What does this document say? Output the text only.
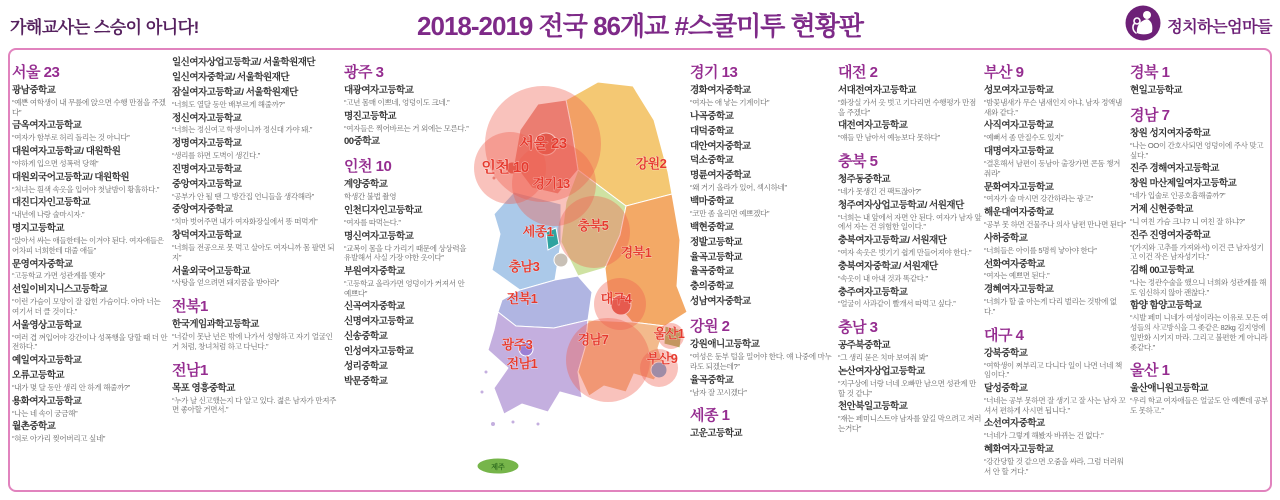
가해교사는 스승이 아니다!	2018-2019 전국 86개교 #스쿨미투 현황판	정치하는엄마들
서울 23
인천 10
경기13
강원2
세종1 충북5
경북1
충남3
전북1	대구4
광주3	경남7
전남1
울산1
부산9
제주
서울 23
광남중학교
“예쁜 여학생이 내 무릎에 앉으면 수행 만점을 주겠다”
금옥여자고등학교
“여자가 함부로 허리 돌리는 것 아니다”
대원여자고등학교/ 대원학원
“야하게 입으면 성폭력 당해”
대원외국어고등학교/ 대원학원
“처녀는 흰색 속옷을 입어야 첫날밤이 황홀하다.”
대진디자인고등학교
“내년에 나랑 술마시자.”
명지고등학교
“앉아서 싸는 애들한테는 이겨야 된다. 여자애들은 어차피 너희한테 대줄 애들”
문영여자중학교
“고등학교 가면 성관계를 맺자”
선일이비지니스고등학교
“이런 가슴이 모양이 잘 잡힌 가슴이다. 아마 너는 여기서 더 클 것이다.”
서울영상고등학교
“여러 겹 껴입어야 강간이나 성폭행을 당할 때 더 안전하다.”
예일여자고등학교
오류고등학교
“내가 몇 달 동안 생리 안 하게 해줄까?”
용화여자고등학교
“나는 네 속이 궁금해”
월촌중학교
“혀로 아가리 찢어버리고 싶네”
일신여자상업고등학교/ 서울학원재단
일신여자중학교/ 서울학원재단
잠실여자고등학교/ 서울학원재단
“너희도 열달 동안 배부르게 해줄까?”
정신여자고등학교
“너희는 정신여고 학생이니까 정신대 가야 돼.”
정명여자고등학교
“생리를 하면 도벽이 생긴다.”
진명여자고등학교
중앙여자고등학교
“공부가 안 될 땐 그 방간집 언니들을 생각해라”
중앙여자중학교
“치마 벗어주면 내가 여자화장실에서 똥 떠먹게”
창덕여자고등학교
“너희들 전공으로 못 먹고 살아도 여자니까 몸 팔면 되지”
서울외국어고등학교
“사탕을 얻으려면 돼지꿈을 받아라”
전북1
한국게임과학고등학교
“너같이 못난 년은 밖에 나가서 성형하고 자기 얼굴인 거 처럼, 창녀처럼 하고 다닌다.”
전남1
목포 영흥중학교
“누가 날 신고했는지 다 알고 있다. 젊은 남자가 만져주면 좋아할 거면서.”
광주 3
대광여자고등학교
“고년 몸매 이쁘네, 엉덩이도 크네.”
명진고등학교
“여자들은 찍어바르는 거 외에는 모른다.”
00중학교
인천 10
계양중학교
학생간 불법 촬영
인천디자인고등학교
“여자를 따먹는다.”
명신여자고등학교
“교복이 몸을 다 가리기 때문에 상상력을 유발해서 사실 가장 야한 옷이다”
부원여자중학교
“고등학교 올라가면 엉덩이가 커져서 안 예쁘다”
신곡여자중학교
신명여자고등학교
신송중학교
인성여자고등학교
성리중학교
박문중학교
경기 13
경화여자중학교
“여자는 애 낳는 기계이다”
나곡중학교
대덕중학교
대안여자중학교
덕소중학교
명륜여자중학교
“왜 거기 올라가 있어, 섹시하네”
백마중학교
“코만 좀 올리면 예쁘겠다”
백현중학교
정발고등학교
율곡고등학교
율곡중학교
충의중학교
성남여자중학교
강원 2
강원애니고등학교
“여성은 둔부 털을 밀어야 한다. 얘 나중에 마누라도 되겠는데?”
율곡중학교
“남자 잘 꼬시겠다”
세종 1
고운고등학교
대전 2
서대전여자고등학교
“화장실 가서 옷 벗고 기다리면 수행평가 만점을 주겠다”
대전여자고등학교
“얘들 만 남아서 예능보다 못하다”
충북 5
청주동중학교
“네가 못생긴 건 팩트잖아?”
청주여자상업고등학교/ 서원재단
“너희는 내 앞에서 자면 안 된다. 여자가 남자 앞에서 자는 건 위험한 일이다.”
충북여자고등학교/ 서원재단
“여자 속옷은 벗기기 쉽게 만들어져야 한다.”
충북여자중학교/ 서원재단
“속옷이 내 아내 것과 똑같다.”
충주여자고등학교
“얼굴이 사과같이 빨개서 따먹고 싶다.”
충남 3
공주북중학교
“그 생리 묻은 치마 보여줘 봐”
논산여자상업고등학교
“지구상에 너랑 너네 오빠만 남으면 성관계 만 할 것 같냐”
천안북일고등학교
“쟤는 페미니스트야 남자를 앞길 막으려고 저러는거다”
부산 9
성모여자고등학교
“밤꽃냄새가 무슨 냄새인지 아냐, 남자 정액냄새와 같다.”
사직여자고등학교
“예뻐서 좀 만질수도 있지”
대명여자고등학교
“결혼해서 남편이 동남아 출장가면 콘돔 챙겨줘라”
문화여자고등학교
“여자가 술 마시면 강간하라는 광고”
해운대여자중학교
“공부 못 하면 건물주나 의사 남편 만나면 된다”
사하중학교
“너희들은 아이를 5명씩 낳아야 한다”
선화여자중학교
“여자는 예쁘면 된다.”
경혜여자고등학교
“너희가 할 줄 아는게 다리 벌리는 것밖에 없다.”
대구 4
강북중학교
“여학생이 쩌부리고 다니다 일이 나면 너네 책임이다.”
달성중학교
“너네는 공부 못하면 잘 생기고 잘 사는 남자 꼬셔서 편하게 사시면 됩니다.”
소선여자중학교
“너네가 그렇게 해봤자 바뀌는 건 없다.”
혜화여자고등학교
“강간당할 것 같으면 오줌을 싸라, 그럼 더러워서 안 할 거다.”
경북 1
현일고등학교
경남 7
창원 성지여자중학교
“나는 OO이 간호사되면 엉덩이에 주사 맞고 싶다.”
진주 경해여자고등학교
창원 마산제일여자고등학교
“네가 입술로 인공호흡해줄까?”
거제 신현중학교
“니 여친 가슴 크냐? 니 여친 잘 하냐?”
진주 진영여자중학교
“(가지와 고추를 가져와서) 이건 큰 남자성기고 이건 작은 남자성기다.”
김해 00고등학교
“나는 정관수술을 했으니 너희와 성관계를 해도 임신하지 않아 괜찮다.”
함양 함양고등학교
“시발 페미 니네가 여성이라는 이유로 모든 여성들의 사고방식을 그 좆같은 82kg 김지영에 일반화 시키지 마라. 그리고 불편한 게 아니라 좆같다.”
울산 1
울산애니원고등학교
“우리 학교 여자애들은 얼굴도 안 예쁜데 공부도 못하고.”
